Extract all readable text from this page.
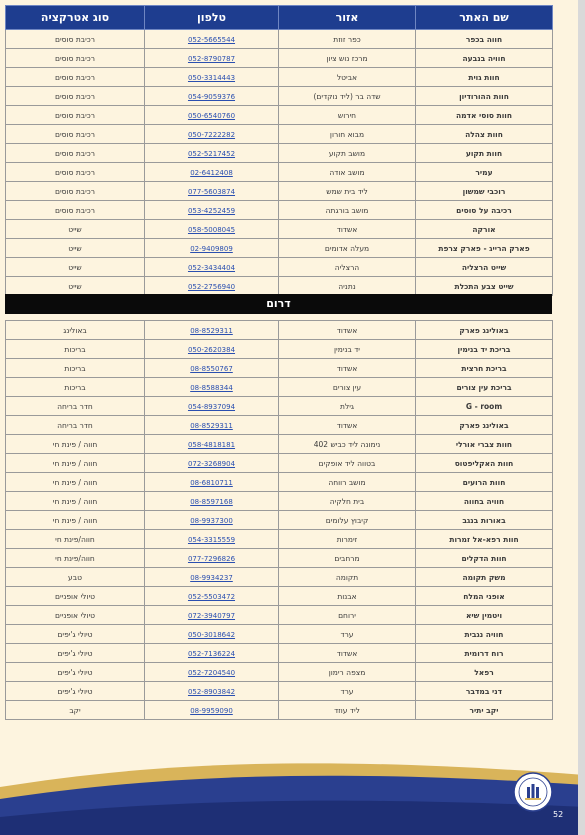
שם האתר	אזור	טלפון	סוג אטרקציה
חווה בכפר	כפר זוזת	052-5665544	רכיבת סוסים
חוויה בנבעה	מרכז נוש ציון	052-8790787	רכיבת סוסים
חוות גוית	אביטל	050-3314443	רכיבת סוסים
חוות ההורודיון	שדה בר (ליד נוקדים)	054-9059376	רכיבת סוסים
חוות סוסי אדמה	חירוש	050-6540760	רכיבת סוסים
חוות צהלה	מבוא חורון	050-7222282	רכיבת סוסים
חוות תקוע	מושב תקוע	052-5217452	רכיבת סוסים
עמיר	מושב אודה	02-6412408	רכיבת סוסים
רוכבי שמשון	ליד בית שמש	077-5603874	רכיבת סוסים
רכיבה על סוסים	מושב בורגתה	053-4252459	רכיבת סוסים
אורקה	אשדוד	058-5008045	שייט
פארק הרייג - פארק צרפת	מעלה אדומים	02-9409809	שייט
שייט הרצליה	הרצליה	052-3434404	שייט
שייט צבע התכלת	נתניה	052-2756940	שייט
דרום
באולינג פארק	אשדוד	08-8529311	באולינג
בריכת יד בנימין	יד בנימין	050-2620384	בריכות
בריכת חרצית	אשדוד	08-8550767	בריכות
בריכת עין צורים	עין צורים	08-8588344	בריכות
G - room	גילת	054-8937094	חדר בריחה
באולינג פארק	אשדוד	08-8529311	חדר בריחה
חוות צברי אורלי	נימונה ליד כביש 402	058-4818181	חווה / פינת חי
חוות האקליפטוס	בטווה ליד אופקים	072-3268904	חווה / פינת חי
חוות הרועים	מושב רווחה	08-6810711	חווה / פינת חי
חוויה בחווה	בית חלקיה	08-8597168	חווה / פינת חי
באורות בנגב	קיבוץ עלומים	08-9937300	חווה / פינת חי
חוות רפא-אל זמרות	זימרות	054-3315559	חווה/פינת חי
חוות הדקלים	מרחבים	077-7296826	חווה/פינת חי
משק תקומה	תקומה	08-9934237	טבע
אופני המלח	אבנות	052-5503472	טיולי אופניים
ויטמין שיא	ירוחם	072-3940797	טיולי אופניים
חוויה נגבית	ערד	050-3018642	טיולי ג'יפים
רוח דרומית	אשדוד	052-7136224	טיולי ג'יפים
רפאל	מצפה רימון	052-7204540	טיולי ג'יפים
דני במדבר	ערד	052-8903842	טיולי ג'יפים
יקב יתיר	ליד עוזד	08-9959090	יקב
52
